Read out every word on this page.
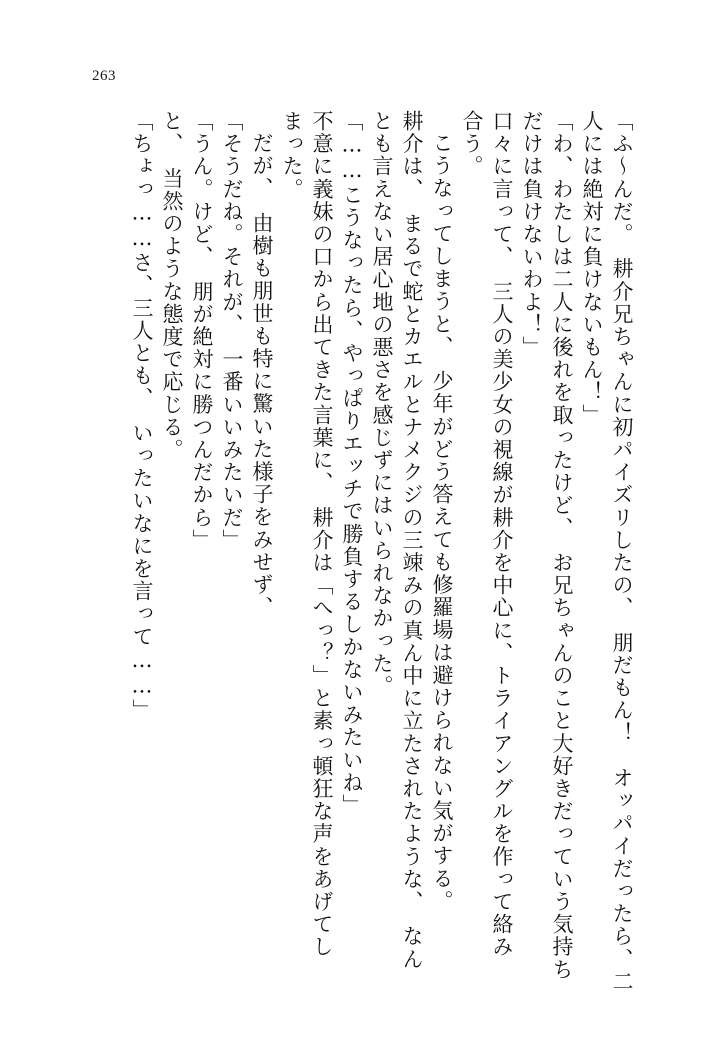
263
「ふ～んだ。　耕介兄ちゃんに初パイズリしたの、　朋だもん！　オッパイだったら、二
人には絶対に負けないもん！」
「わ、わたしは二人に後れを取ったけど、　お兄ちゃんのこと大好きだっていう気持ち
だけは負けないわよ！」
口々に言って、　三人の美少女の視線が耕介を中心に、トライアングルを作って絡み
合う。
こうなってしまうと、　少年がどう答えても修羅場は避けられない気がする。
耕介は、　まるで蛇とカエルとナメクジの三竦みの真ん中に立たされたような、　なん
とも言えない居心地の悪さを感じずにはいられなかった。
「……こうなったら、やっぱりエッチで勝負するしかないみたいね」
不意に義妹の口から出てきた言葉に、　耕介は「へっ？」と素っ頓狂な声をあげてし
まった。
だが、　由樹も朋世も特に驚いた様子をみせず、
「そうだね。それが、　一番いいみたいだ」
「うん。けど、　朋が絶対に勝つんだから」
と、　当然のような態度で応じる。
「ちょっ……さ、三人とも、　いったいなにを言って……」
